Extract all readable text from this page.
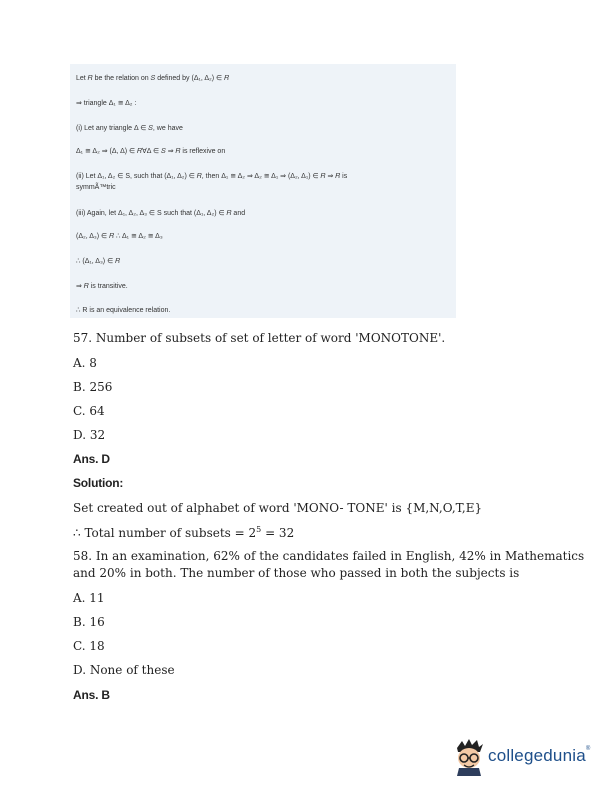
Let 𝑅 be the relation on 𝑆 defined by (Δ₁, Δ₂) ∈ 𝑅
⇒ triangle Δ₁ ≅ Δ₂ :
(i) Let any triangle Δ ∈ 𝑆, we have
Δ₁ ≅ Δ₂ ⇒ (Δ, Δ) ∈ 𝑅∀Δ ∈ 𝑆 ⇒ 𝑅 is reflexive on
(ii) Let Δ₁, Δ₂ ∈ S, such that (Δ₁, Δ₂) ∈ 𝑅, then Δ₁ ≅ Δ₂ ⇒ Δ₂ ≅ Δ₁ ⇒ (Δ₂, Δ₁) ∈ 𝑅 ⇒ 𝑅 is
symmÃ™tric
(iii) Again, let Δ₁, Δ₂, Δ₃ ∈ S such that (Δ₁, Δ₂) ∈ 𝑅 and
(Δ₂, Δ₃) ∈ 𝑅 ∴ Δ₁ ≅ Δ₂ ≅ Δ₃
∴ (Δ₁, Δ₃) ∈ 𝑅
⇒ 𝑅 is transitive.
∴ R is an equivalence relation.
57. Number of subsets of set of letter of word 'MONOTONE'.
A. 8
B. 256
C. 64
D. 32
Ans. D
Solution:
Set created out of alphabet of word 'MONO- TONE' is {M,N,O,T,E}
∴ Total number of subsets = $2^5 = 32$
58. In an examination, 62% of the candidates failed in English, 42% in Mathematics
and 20% in both. The number of those who passed in both the subjects is
A. 11
B. 16
C. 18
D. None of these
Ans. B
collegedunia®
